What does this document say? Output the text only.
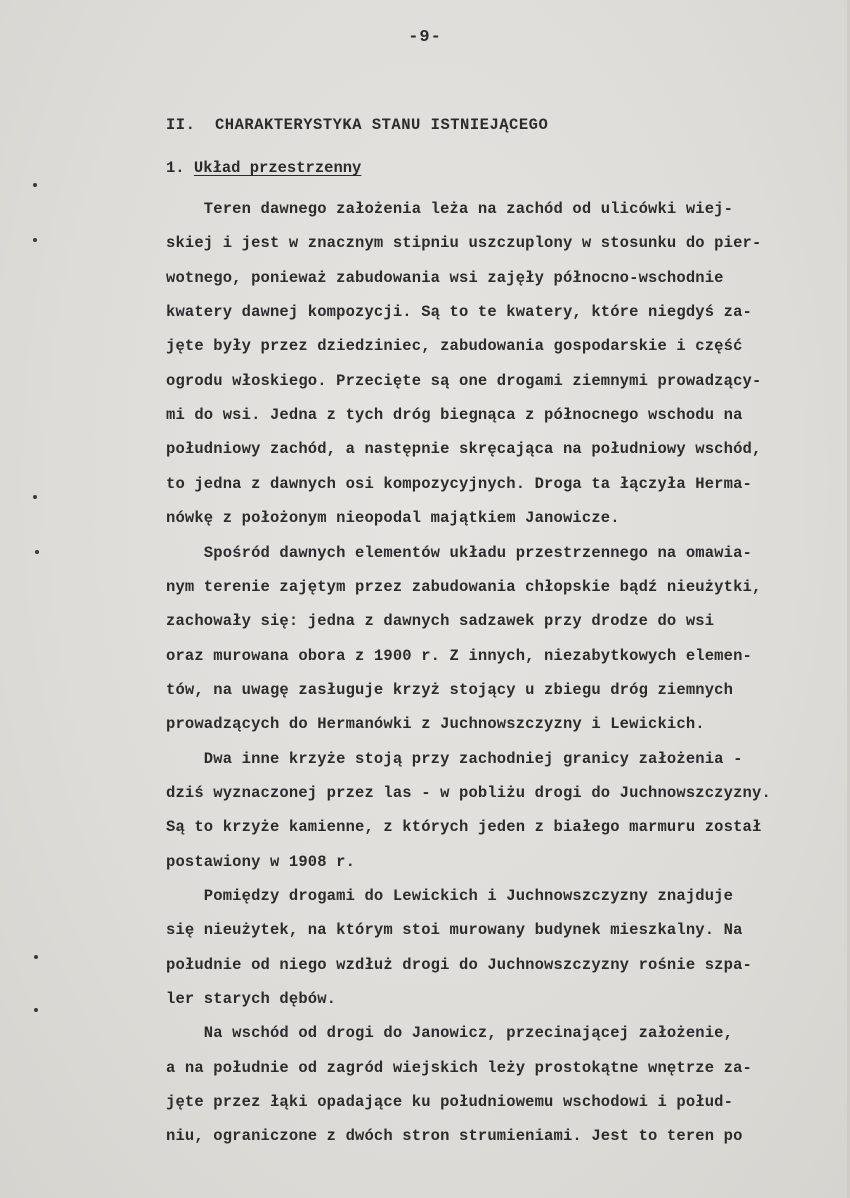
-9-
II.  CHARAKTERYSTYKA STANU ISTNIEJĄCEGO
1. Układ przestrzenny
Teren dawnego założenia leża na zachód od ulicówki wiej-
skiej i jest w znacznym stipniu uszczuplony w stosunku do pier-
wotnego, ponieważ zabudowania wsi zajęły północno-wschodnie
kwatery dawnej kompozycji. Są to te kwatery, które niegdyś za-
jęte były przez dziedziniec, zabudowania gospodarskie i część
ogrodu włoskiego. Przecięte są one drogami ziemnymi prowadzący-
mi do wsi. Jedna z tych dróg biegnąca z północnego wschodu na
południowy zachód, a następnie skręcająca na południowy wschód,
to jedna z dawnych osi kompozycyjnych. Droga ta łączyła Herma-
nówkę z położonym nieopodal majątkiem Janowicze.
Spośród dawnych elementów układu przestrzennego na omawia-
nym terenie zajętym przez zabudowania chłopskie bądź nieużytki,
zachowały się: jedna z dawnych sadzawek przy drodze do wsi
oraz murowana obora z 1900 r. Z innych, niezabytkowych elemen-
tów, na uwagę zasługuje krzyż stojący u zbiegu dróg ziemnych
prowadzących do Hermanówki z Juchnowszczyzny i Lewickich.
Dwa inne krzyże stoją przy zachodniej granicy założenia -
dziś wyznaczonej przez las - w pobliżu drogi do Juchnowszczyzny.
Są to krzyże kamienne, z których jeden z białego marmuru został
postawiony w 1908 r.
Pomiędzy drogami do Lewickich i Juchnowszczyzny znajduje
się nieużytek, na którym stoi murowany budynek mieszkalny. Na
południe od niego wzdłuż drogi do Juchnowszczyzny rośnie szpa-
ler starych dębów.
Na wschód od drogi do Janowicz, przecinającej założenie,
a na południe od zagród wiejskich leży prostokątne wnętrze za-
jęte przez łąki opadające ku południowemu wschodowi i połud-
niu, ograniczone z dwóch stron strumieniami. Jest to teren po
